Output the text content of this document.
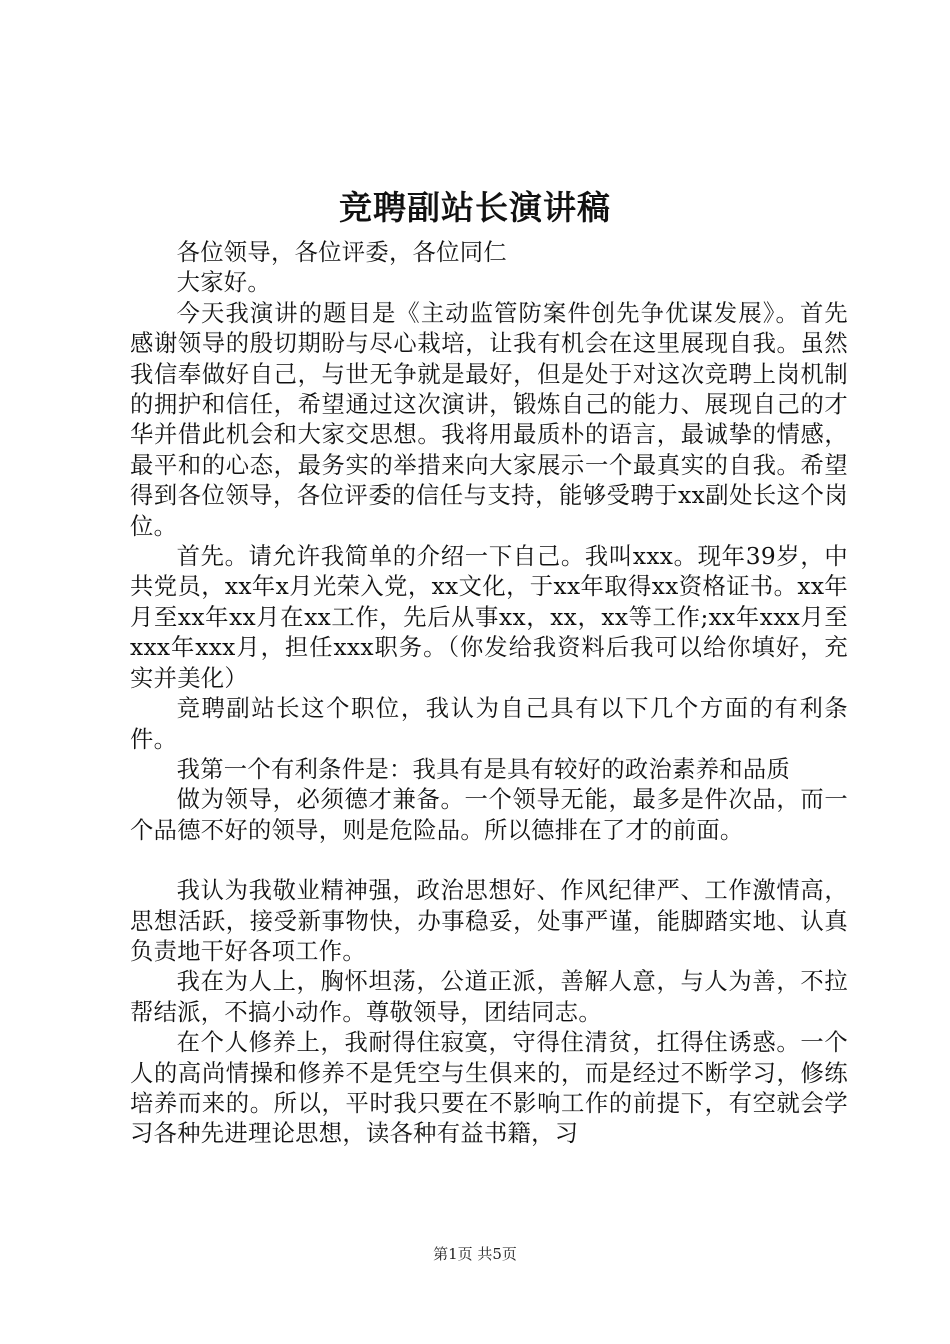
竞聘副站长演讲稿

各位领导，各位评委，各位同仁

大家好。

今天我演讲的题目是《主动监管防案件创先争优谋发展》。首先感谢领导的殷切期盼与尽心栽培，让我有机会在这里展现自我。虽然我信奉做好自己，与世无争就是最好，但是处于对这次竞聘上岗机制的拥护和信任，希望通过这次演讲，锻炼自己的能力、展现自己的才华并借此机会和大家交思想。我将用最质朴的语言，最诚挚的情感，最平和的心态，最务实的举措来向大家展示一个最真实的自我。希望得到各位领导，各位评委的信任与支持，能够受聘于xx副处长这个岗位。

首先。请允许我简单的介绍一下自己。我叫xxx。现年39岁，中共党员，xx年x月光荣入党，xx文化，于xx年取得xx资格证书。xx年月至xx年xx月在xx工作，先后从事xx，xx，xx等工作;xx年xxx月至xxx年xxx月，担任xxx职务。（你发给我资料后我可以给你填好，充实并美化）

竞聘副站长这个职位，我认为自己具有以下几个方面的有利条件。

我第一个有利条件是：我具有是具有较好的政治素养和品质

做为领导，必须德才兼备。一个领导无能，最多是件次品，而一个品德不好的领导，则是危险品。所以德排在了才的前面。

我认为我敬业精神强，政治思想好、作风纪律严、工作激情高，思想活跃，接受新事物快，办事稳妥，处事严谨，能脚踏实地、认真负责地干好各项工作。

我在为人上，胸怀坦荡，公道正派，善解人意，与人为善，不拉帮结派，不搞小动作。尊敬领导，团结同志。

在个人修养上，我耐得住寂寞，守得住清贫，扛得住诱惑。一个人的高尚情操和修养不是凭空与生俱来的，而是经过不断学习，修练培养而来的。所以，平时我只要在不影响工作的前提下，有空就会学习各种先进理论思想，读各种有益书籍，习

第1页 共5页
